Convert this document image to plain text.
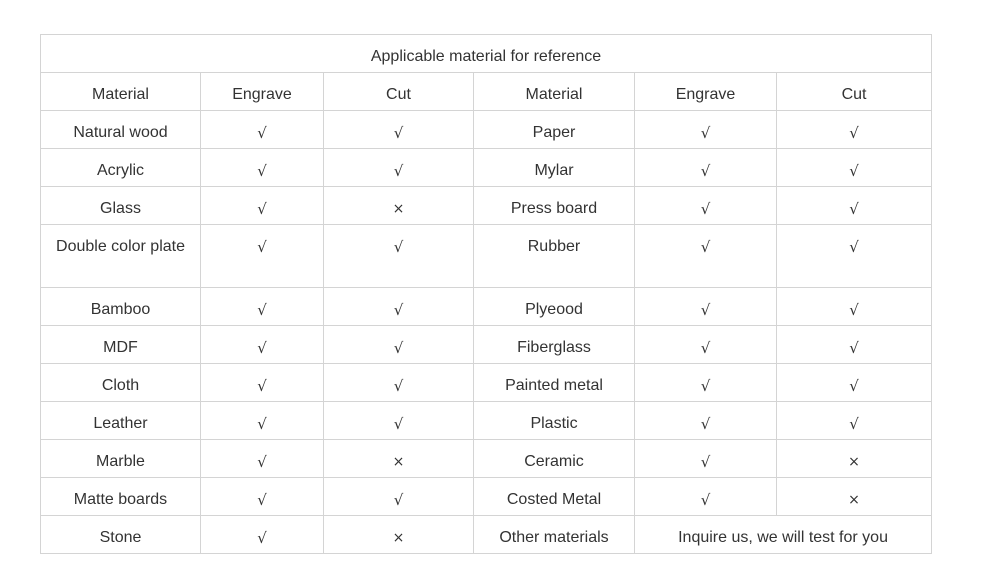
Applicable material for reference					
Material	Engrave	Cut	Material	Engrave	Cut
Natural wood	√	√	Paper	√	√
Acrylic	√	√	Mylar	√	√
Glass	√	×	Press board	√	√
Double color plate	√	√	Rubber	√	√
Bamboo	√	√	Plyeood	√	√
MDF	√	√	Fiberglass	√	√
Cloth	√	√	Painted metal	√	√
Leather	√	√	Plastic	√	√
Marble	√	×	Ceramic	√	×
Matte boards	√	√	Costed Metal	√	×
Stone	√	×	Other materials	Inquire us, we will test for you	
